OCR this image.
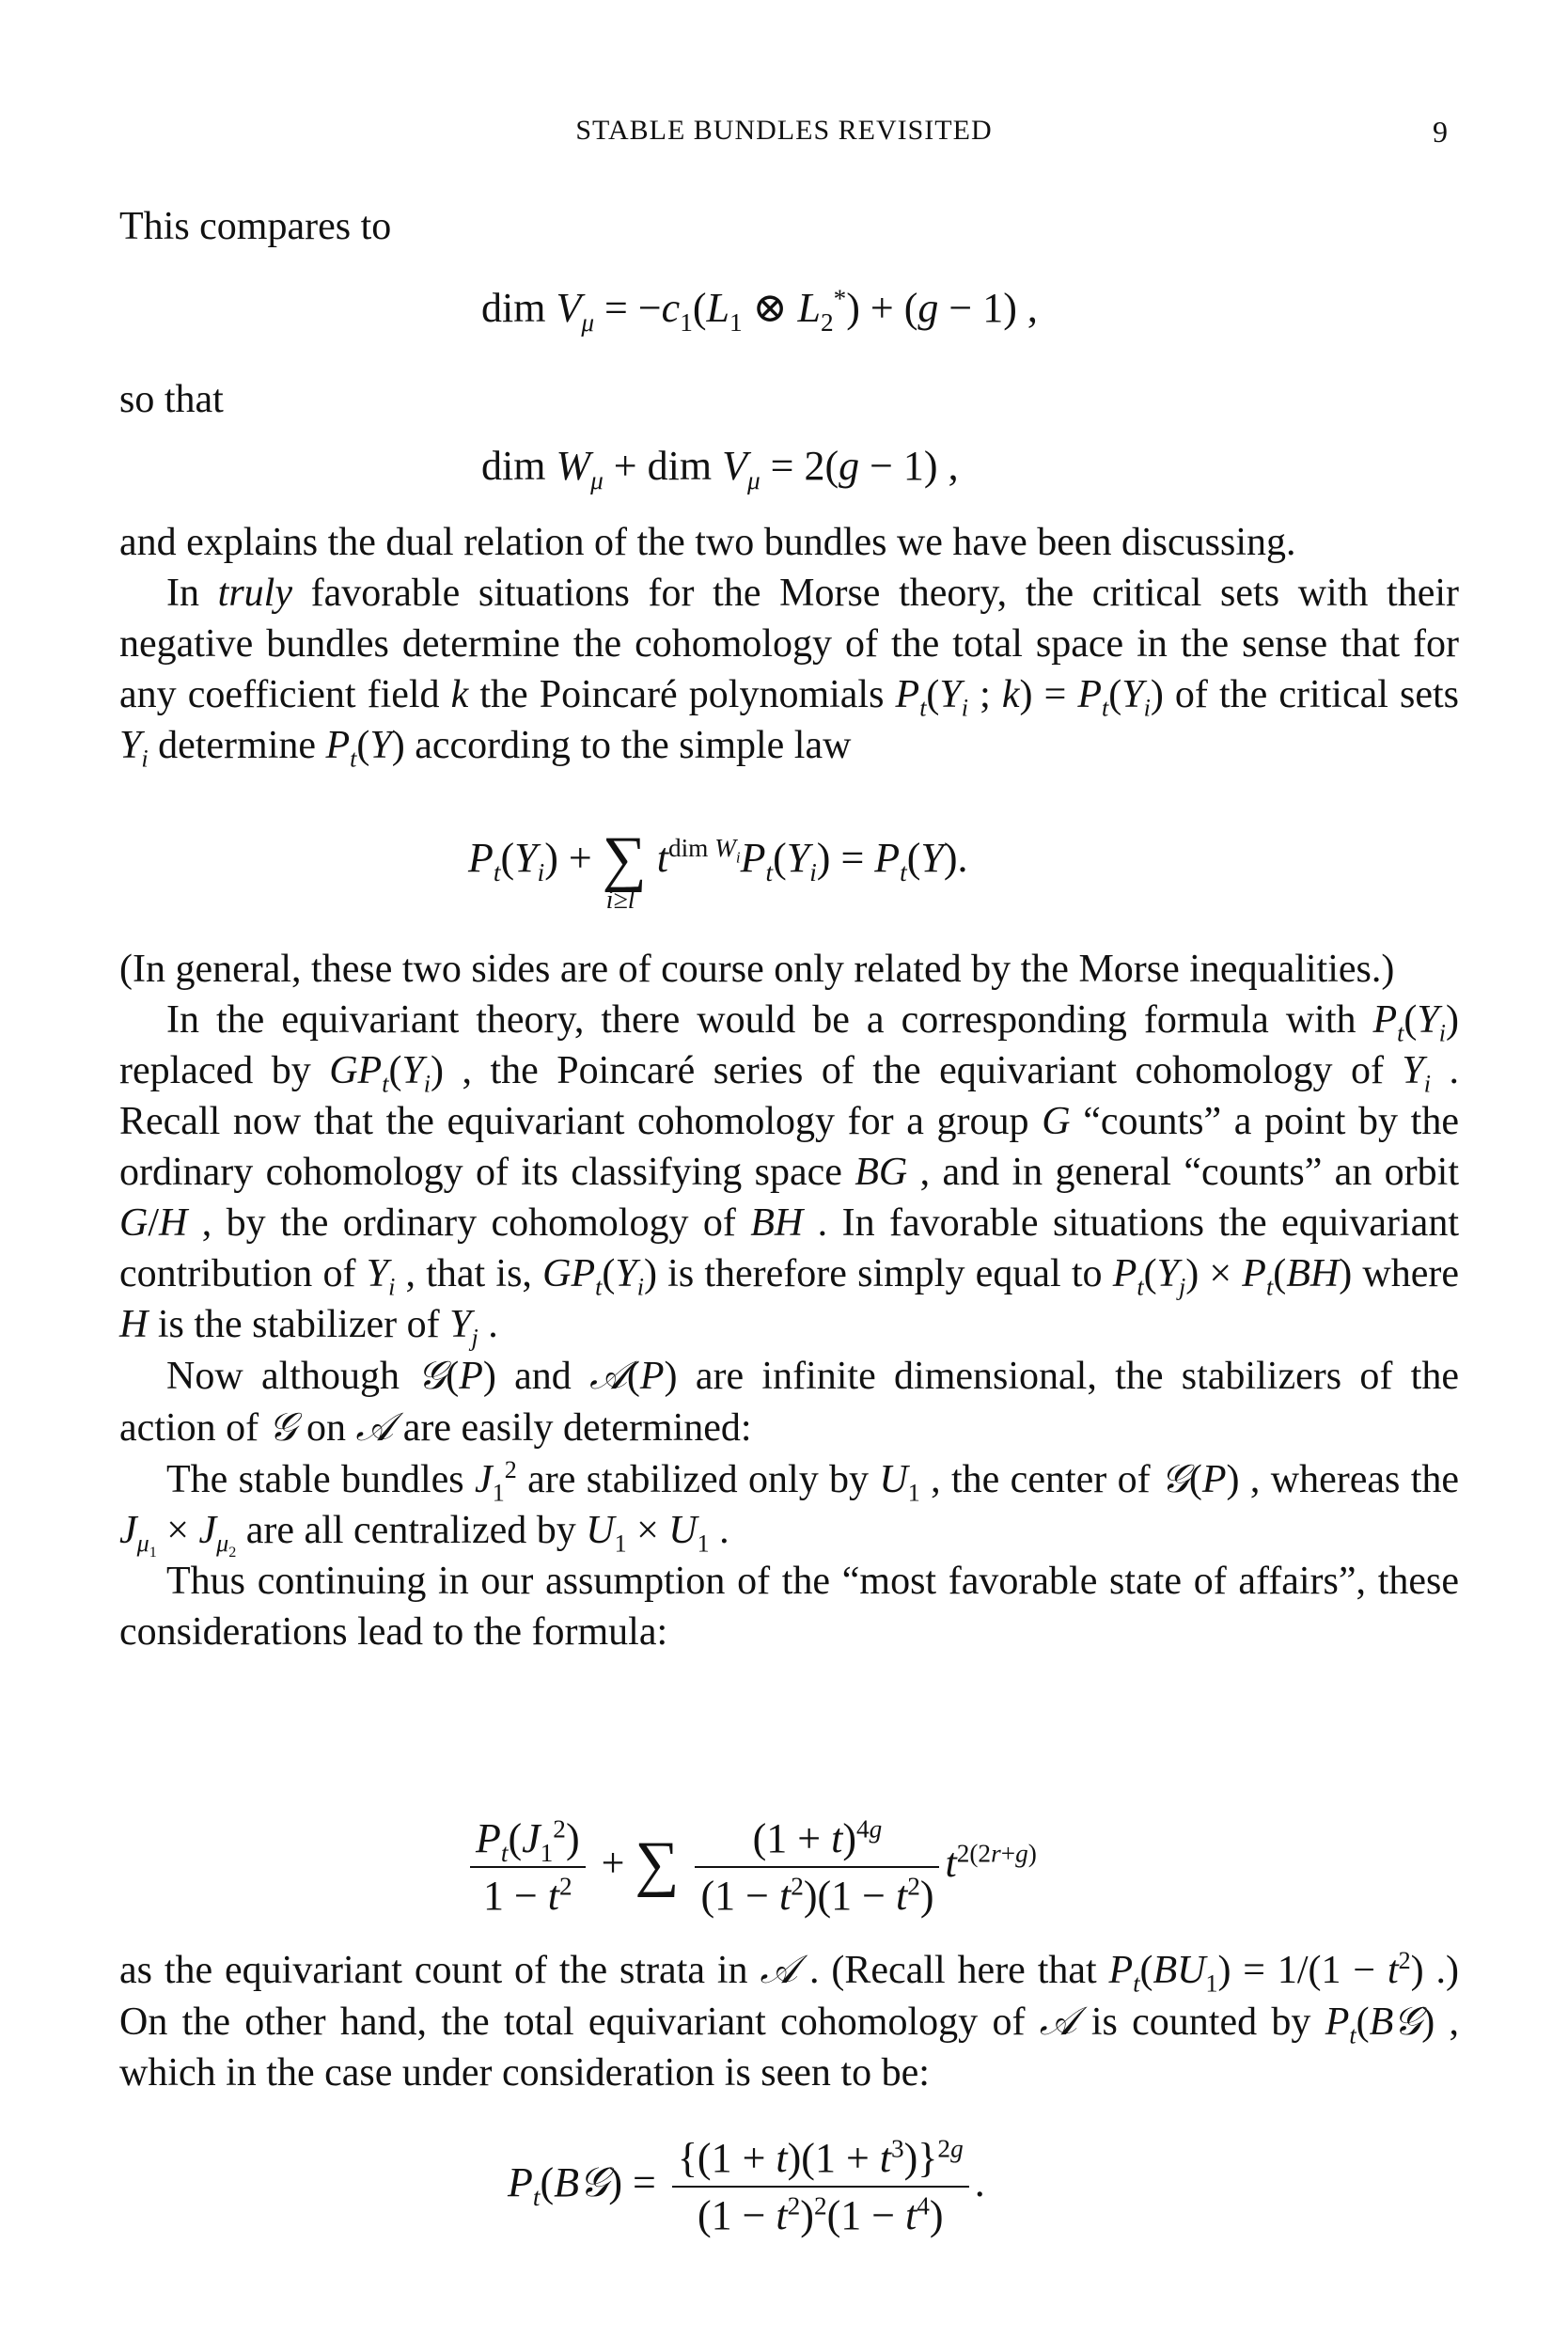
STABLE BUNDLES REVISITED	9

This compares to

dim $V_\mu = -c_1(L_1$ ⊗ $L_2^*) + (g - 1)$ ,

so that

dim $W_\mu$ + dim $V_\mu = 2(g - 1)$ ,

and explains the dual relation of the two bundles we have been discussing.

In truly favorable situations for the Morse theory, the critical sets with their negative bundles determine the cohomology of the total space in the sense that for any coefficient field k the Poincaré polynomials $P_t(Y_i$ ; $k) = P_t(Y_i)$ of the critical sets $Y_i$ determine $P_t(Y)$ according to the simple law

$P_t(Y_i)$ + ∑
i≥l
$t^{dim W_i}P_t(Y_i) = P_t(Y)$.

(In general, these two sides are of course only related by the Morse inequalities.)

In the equivariant theory, there would be a corresponding formula with $P_t(Y_i)$ replaced by $GP_t(Y_i)$ , the Poincaré series of the equivariant cohomology of $Y_i$ . Recall now that the equivariant cohomology for a group G “counts” a point by the ordinary cohomology of its classifying space BG , and in general “counts” an orbit G/H , by the ordinary cohomology of BH . In favorable situations the equivariant contribution of $Y_i$ , that is, $GP_t(Y_i)$ is therefore simply equal to $P_t(Y_j) \times P_t(BH)$ where H is the stabilizer of $Y_j$ .

Now although 𝒢(P) and 𝒜(P) are infinite dimensional, the stabilizers of the action of 𝒢 on 𝒜 are easily determined:

The stable bundles $J_1^2$ are stabilized only by $U_1$ , the center of 𝒢(P) , whereas the $J_{\mu_1} \times J_{\mu_2}$ are all centralized by $U_1 \times U_1$ .

Thus continuing in our assumption of the “most favorable state of affairs”, these considerations lead to the formula:

$\frac{P_t(J_1^2)}{1 - t^2}$ + ∑ $\frac{(1 + t)^{4g}}{(1 - t^2)(1 - t^2)} t^{2(2r+g)}$

as the equivariant count of the strata in 𝒜 . (Recall here that $P_t(BU_1) = 1/(1 - t^2)$ .) On the other hand, the total equivariant cohomology of 𝒜 is counted by $P_t(B𝒢)$ , which in the case under consideration is seen to be:

$P_t(B𝒢) = \frac{\{(1 + t)(1 + t^3)\}^{2g}}{(1 - t^2)^2(1 - t^4)}$ .
